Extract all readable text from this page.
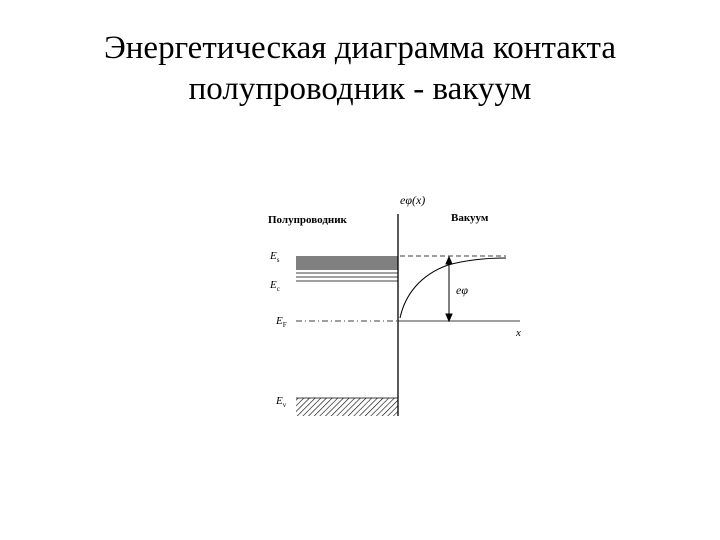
Энергетическая диаграмма контакта
полупроводник - вакуум
eφ(x)
Полупроводник	Вакуум
$E_s$
$E_c$
$E_F$
$E_v$
eφ
x
